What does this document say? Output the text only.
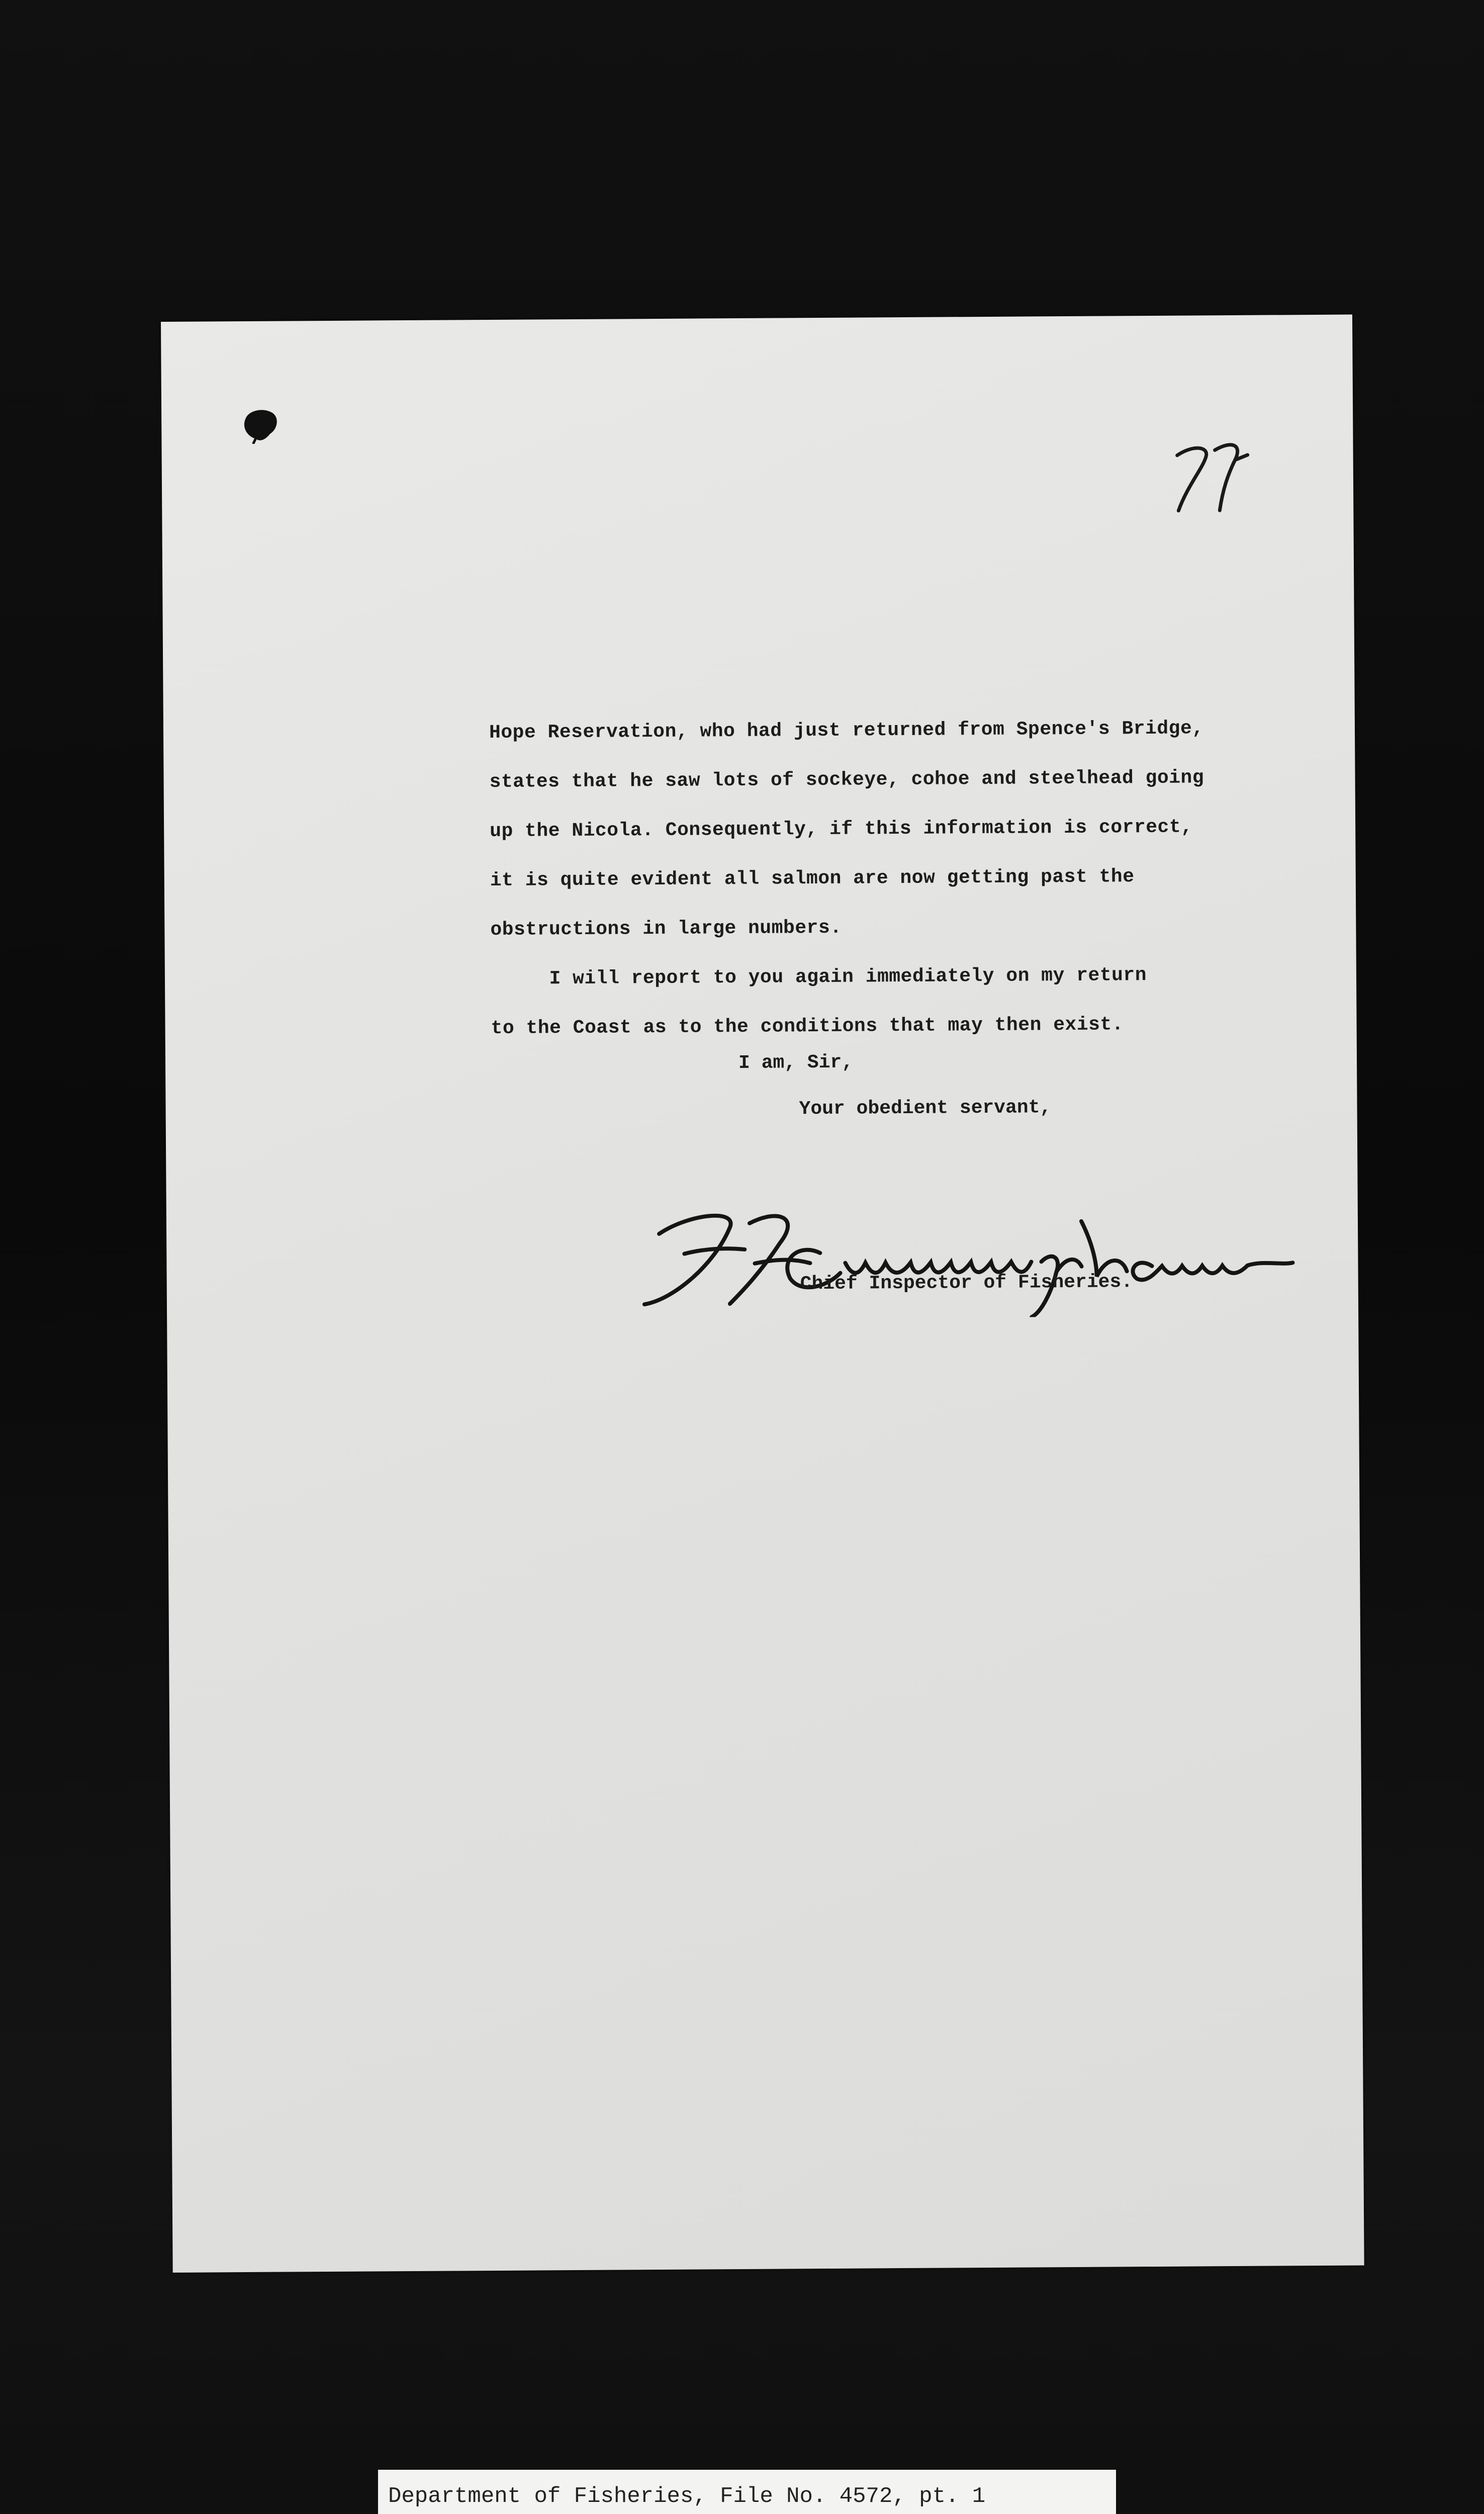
Hope Reservation, who had just returned from Spence's Bridge,
states that he saw lots of sockeye, cohoe and steelhead going
up the Nicola. Consequently, if this information is correct,
it is quite evident all salmon are now getting past the
obstructions in large numbers.
I will report to you again immediately on my return
to the Coast as to the conditions that may then exist.
I am, Sir,
Your obedient servant,
Chief Inspector of Fisheries.
Department of Fisheries, File No. 4572, pt. 1
